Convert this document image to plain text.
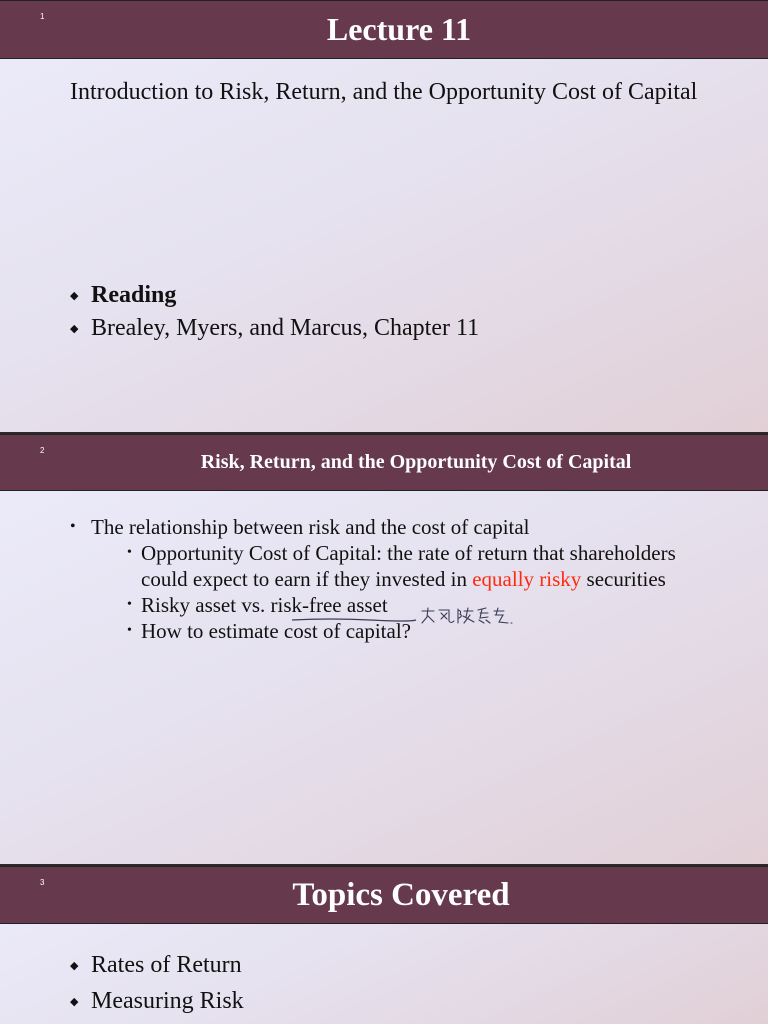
1	Lecture 11
Introduction to Risk, Return, and the Opportunity Cost of Capital
◆ Reading
◆ Brealey, Myers, and Marcus, Chapter 11
2
Risk, Return, and the Opportunity Cost of Capital
• The relationship between risk and the cost of capital
• Opportunity Cost of Capital: the rate of return that shareholders
could expect to earn if they invested in equally risky securities
• Risky asset vs. risk-free asset
• How to estimate cost of capital?
3	Topics Covered
◆ Rates of Return
◆ Measuring Risk
